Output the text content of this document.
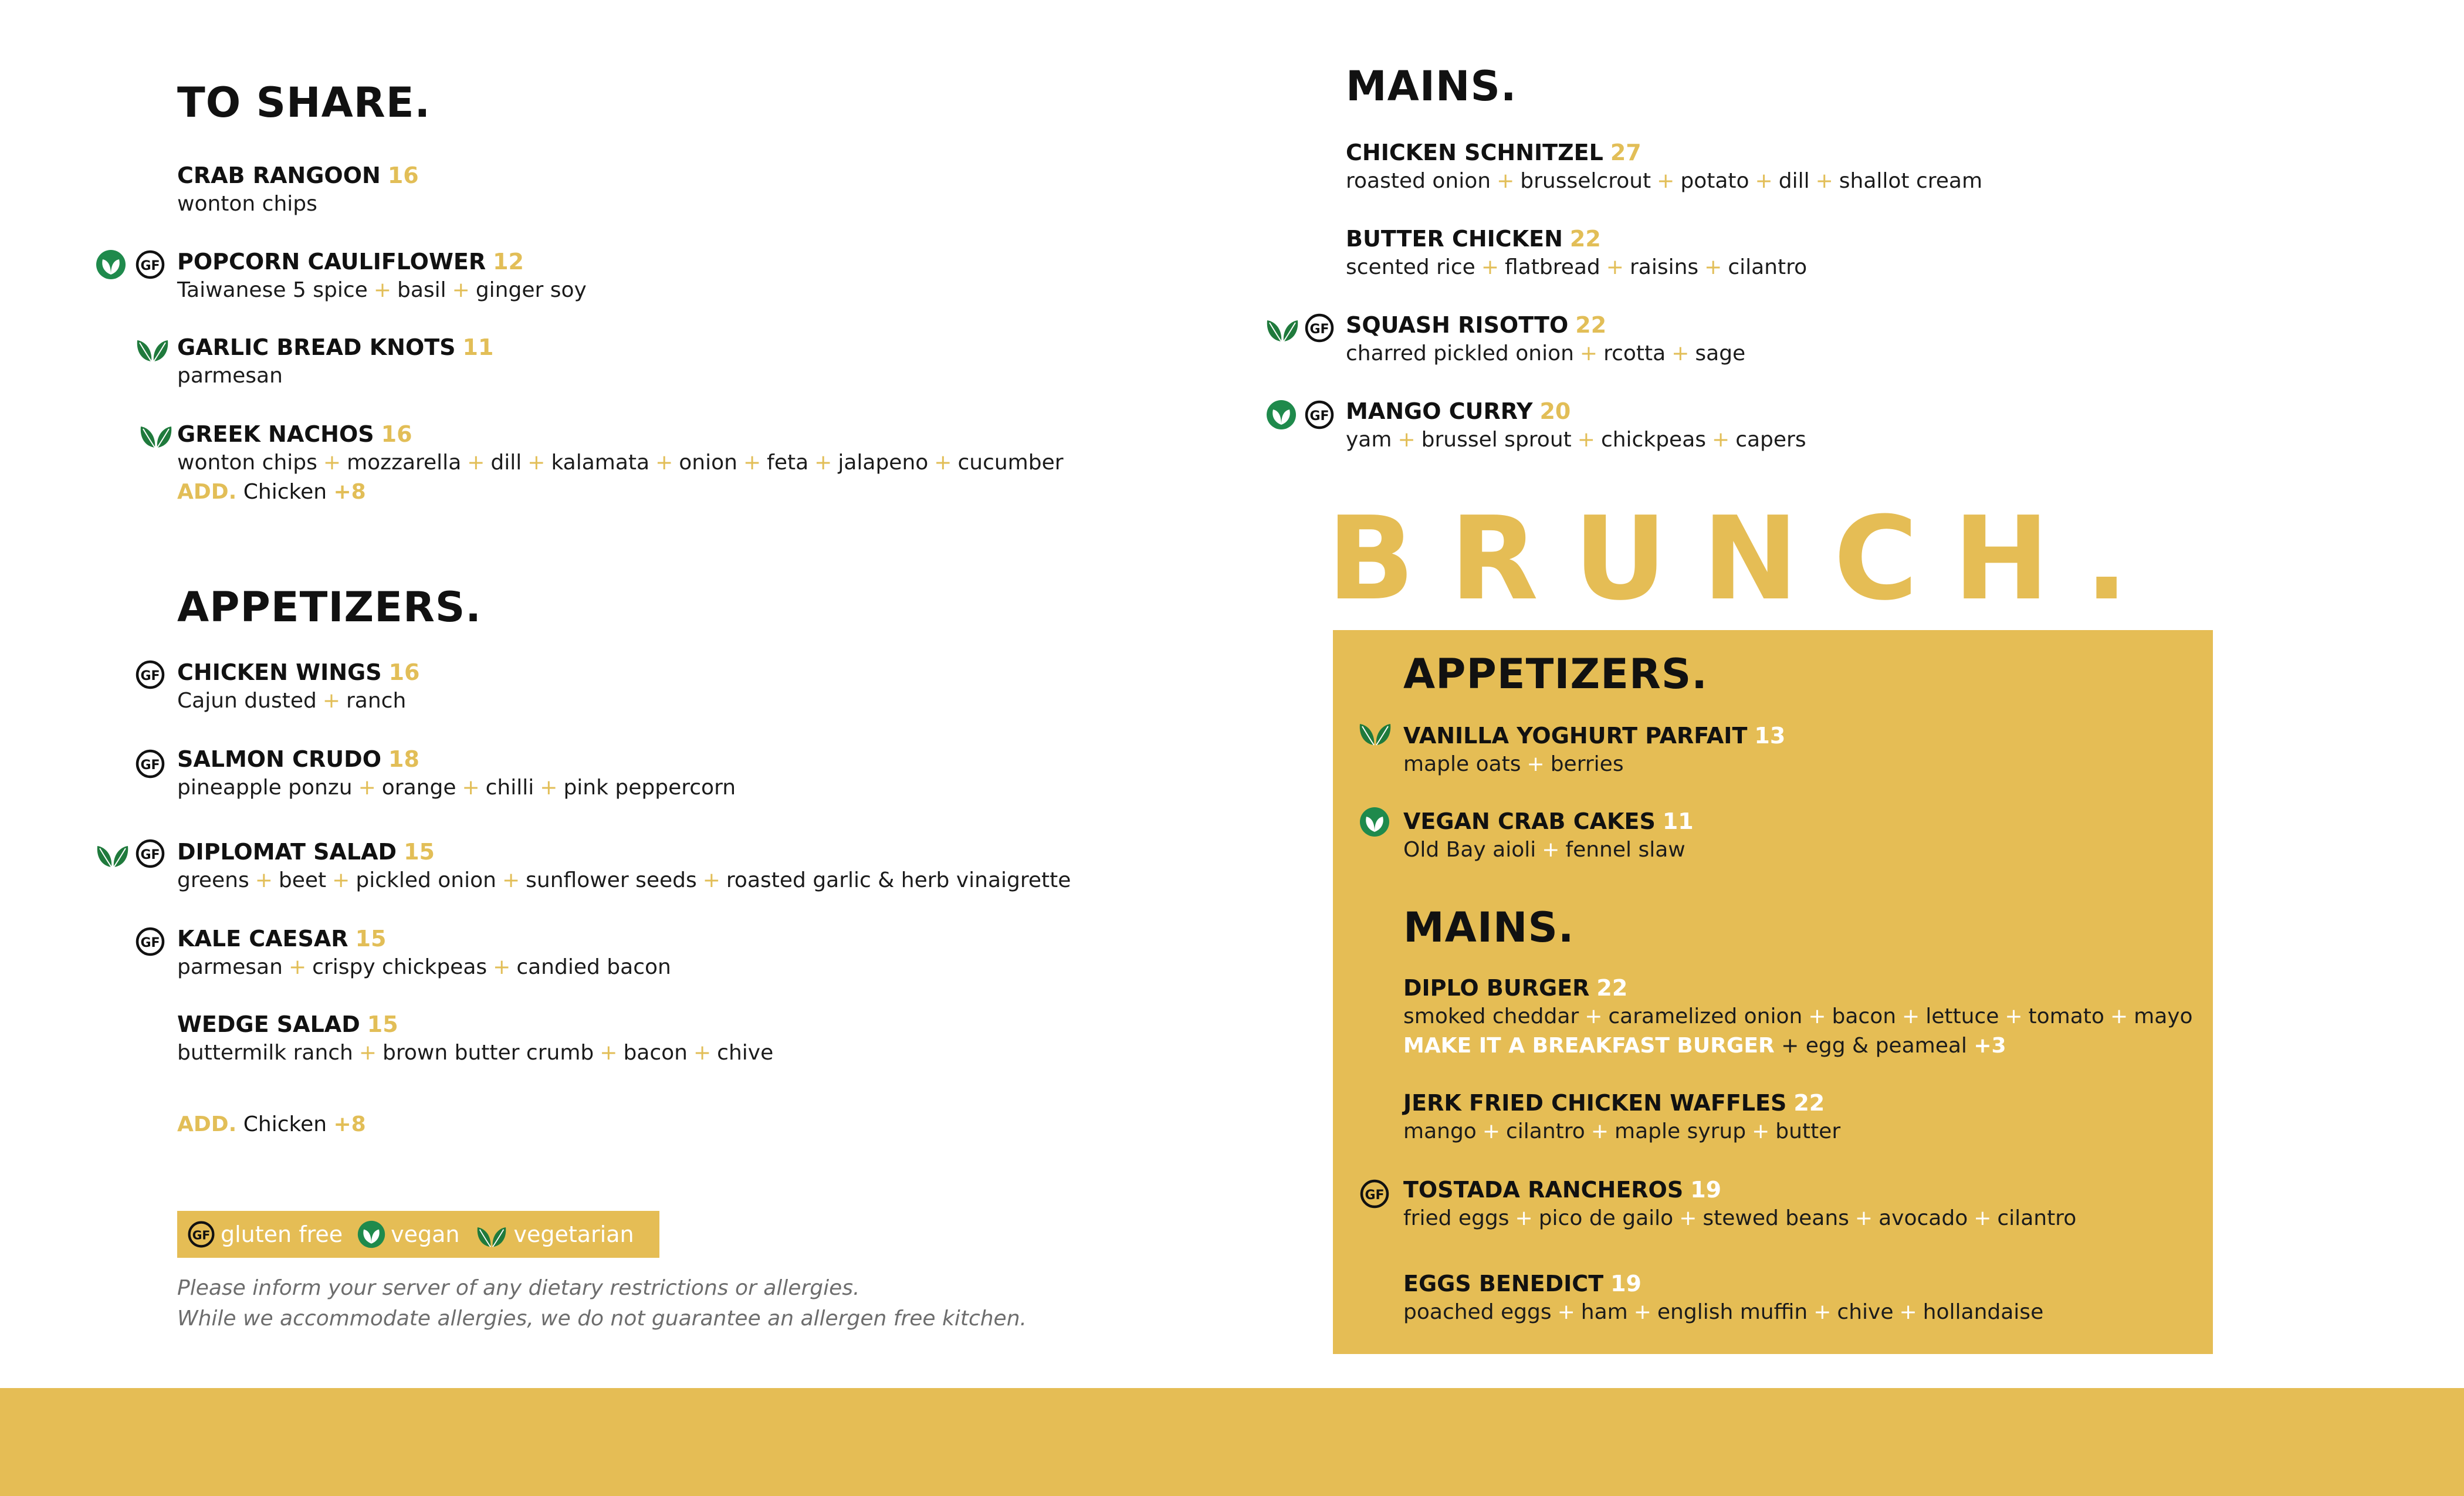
TO SHARE.
CRAB RANGOON 16
wonton chips
POPCORN CAULIFLOWER 12
Taiwanese 5 spice + basil + ginger soy
GARLIC BREAD KNOTS 11
parmesan
GREEK NACHOS 16
wonton chips + mozzarella + dill + kalamata + onion + feta + jalapeno + cucumber
ADD. Chicken +8
APPETIZERS.
CHICKEN WINGS 16
Cajun dusted + ranch
SALMON CRUDO 18
pineapple ponzu + orange + chilli + pink peppercorn
DIPLOMAT SALAD 15
greens + beet + pickled onion + sunflower seeds + roasted garlic & herb vinaigrette
KALE CAESAR 15
parmesan + crispy chickpeas + candied bacon
WEDGE SALAD 15
buttermilk ranch + brown butter crumb + bacon + chive
ADD. Chicken +8
gluten free vegan vegetarian
Please inform your server of any dietary restrictions or allergies.
While we accommodate allergies, we do not guarantee an allergen free kitchen.
MAINS.
CHICKEN SCHNITZEL 27
roasted onion + brusselcrout + potato + dill + shallot cream
BUTTER CHICKEN 22
scented rice + flatbread + raisins + cilantro
SQUASH RISOTTO 22
charred pickled onion + rcotta + sage
MANGO CURRY 20
yam + brussel sprout + chickpeas + capers
BRUNCH.
APPETIZERS.
VANILLA YOGHURT PARFAIT 13
maple oats + berries
VEGAN CRAB CAKES 11
Old Bay aioli + fennel slaw
MAINS.
DIPLO BURGER 22
smoked cheddar + caramelized onion + bacon + lettuce + tomato + mayo
MAKE IT A BREAKFAST BURGER + egg & peameal +3
JERK FRIED CHICKEN WAFFLES 22
mango + cilantro + maple syrup + butter
TOSTADA RANCHEROS 19
fried eggs + pico de gailo + stewed beans + avocado + cilantro
EGGS BENEDICT 19
poached eggs + ham + english muffin + chive + hollandaise
